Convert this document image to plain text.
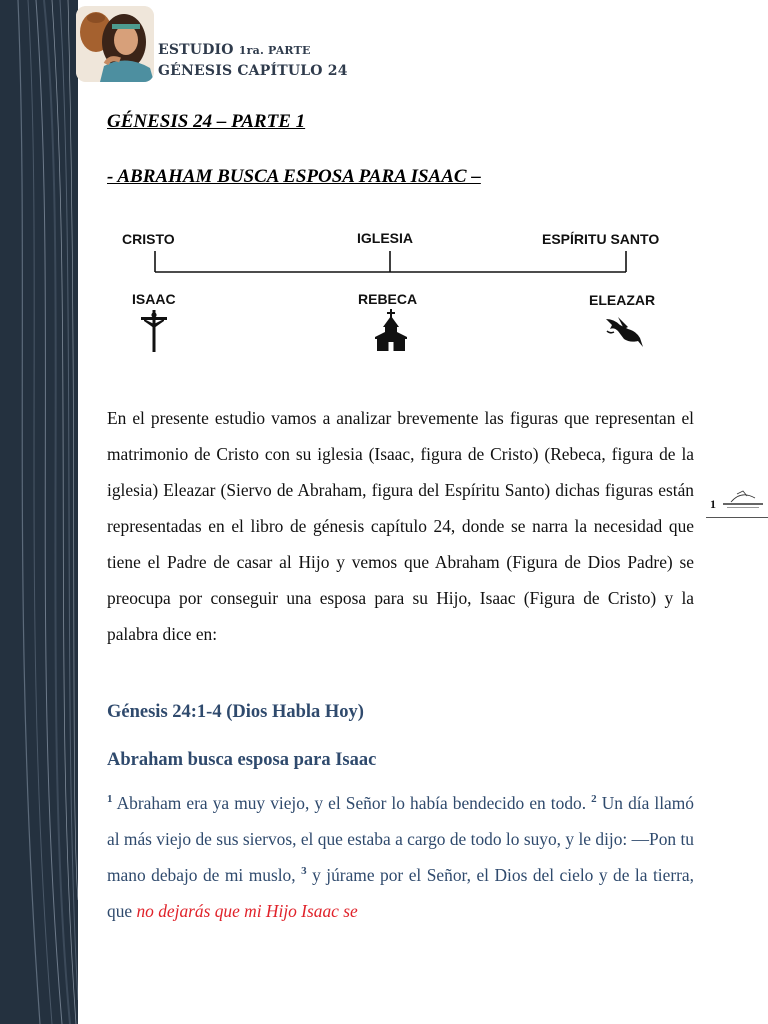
ESTUDIO 1ra. PARTE
GÉNESIS CAPÍTULO 24
GÉNESIS 24 – PARTE 1
- ABRAHAM BUSCA ESPOSA PARA ISAAC –
CRISTO	IGLESIA	ESPÍRITU SANTO
ISAAC	REBECA	ELEAZAR
En el presente estudio vamos a analizar brevemente las figuras que representan el matrimonio de Cristo con su iglesia (Isaac, figura de Cristo) (Rebeca, figura de la iglesia) Eleazar (Siervo de Abraham, figura del Espíritu Santo) dichas figuras están representadas en el libro de génesis capítulo 24, donde se narra la necesidad que tiene el Padre de casar al Hijo y vemos que Abraham (Figura de Dios Padre) se preocupa por conseguir una esposa para su Hijo, Isaac (Figura de Cristo) y la palabra dice en:
Génesis 24:1-4 (Dios Habla Hoy)
Abraham busca esposa para Isaac
$^1$ Abraham era ya muy viejo, y el Señor lo había bendecido en todo. $^2$ Un día llamó al más viejo de sus siervos, el que estaba a cargo de todo lo suyo, y le dijo: —Pon tu mano debajo de mi muslo, $^3$ y júrame por el Señor, el Dios del cielo y de la tierra, que no dejarás que mi Hijo Isaac se
1
